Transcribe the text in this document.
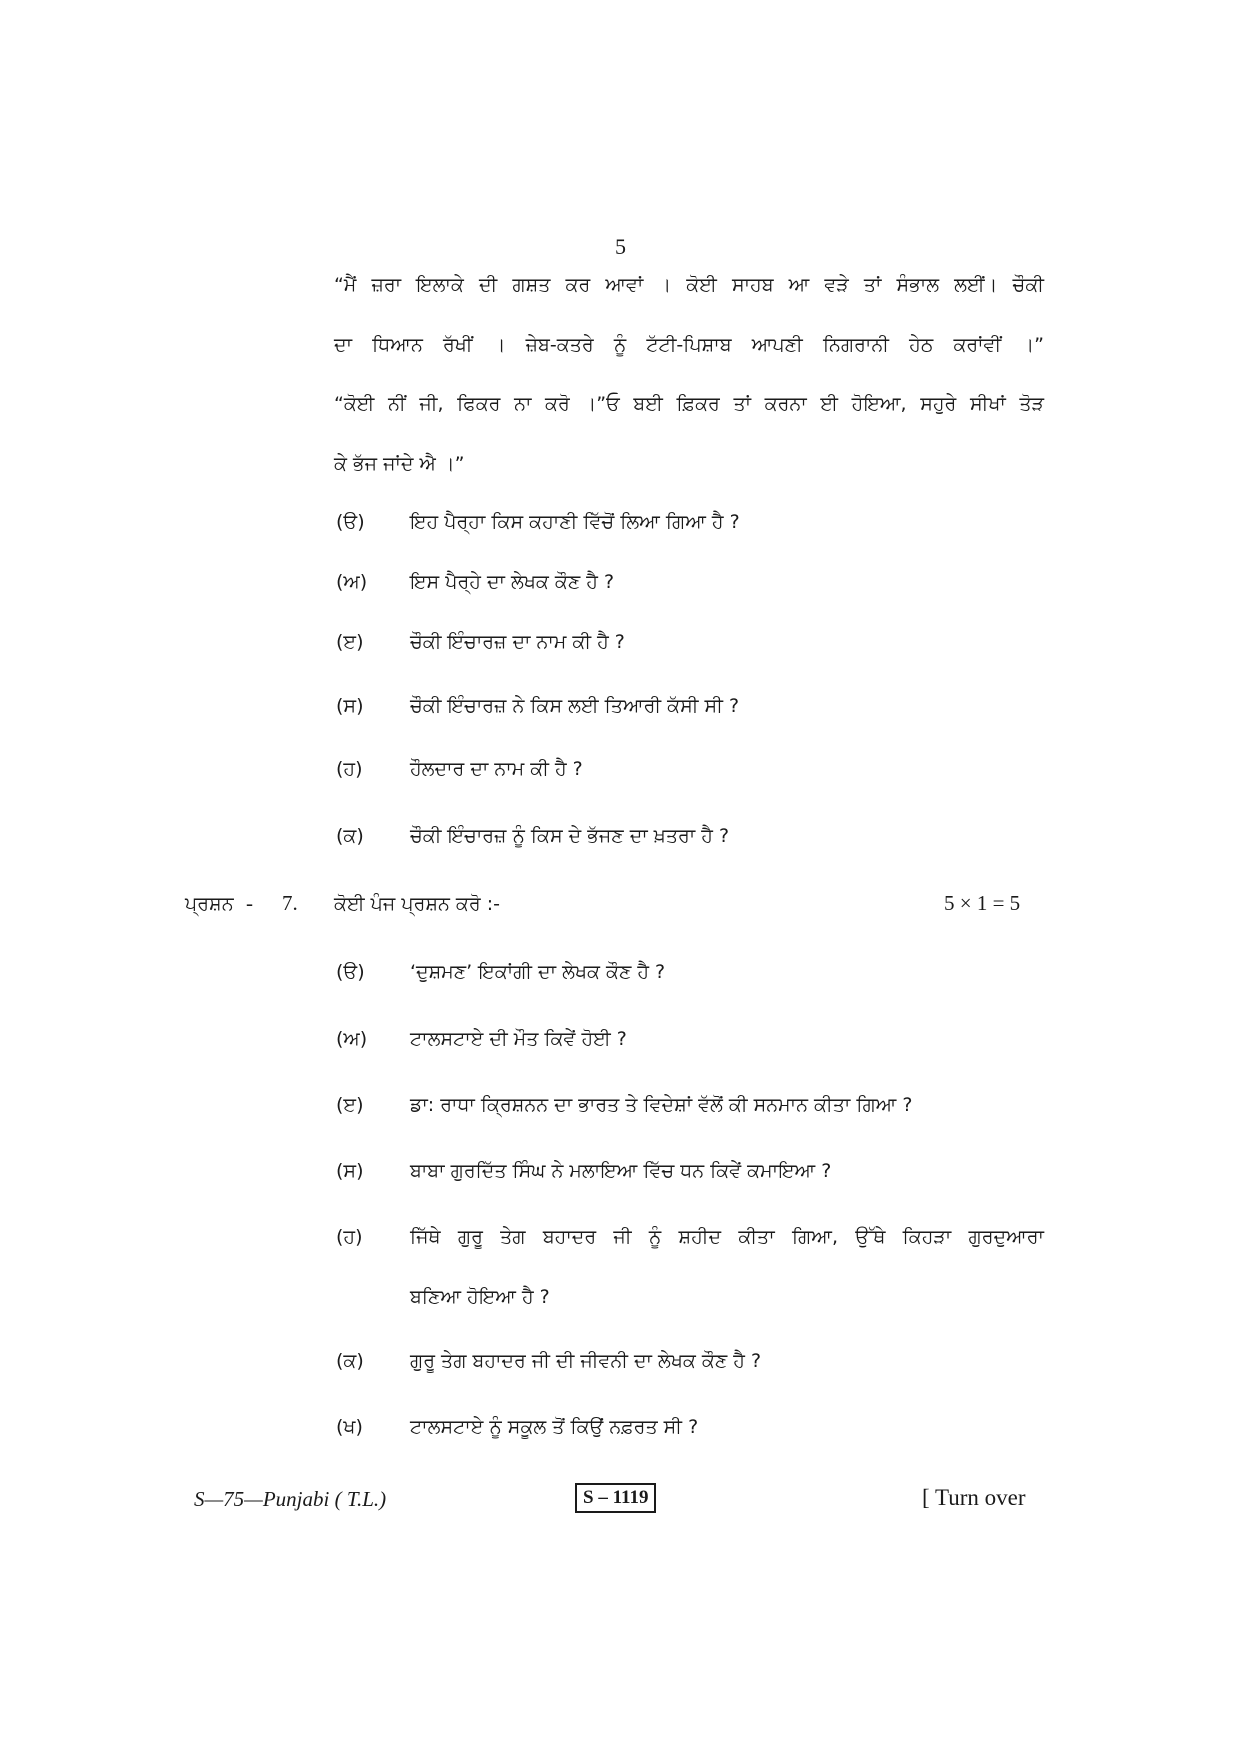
5
“ਮੈਂ ਜ਼ਰਾ ਇਲਾਕੇ ਦੀ ਗਸ਼ਤ ਕਰ ਆਵਾਂ । ਕੋਈ ਸਾਹਬ ਆ ਵੜੇ ਤਾਂ ਸੰਭਾਲ ਲਈਂ। ਚੌਕੀ
ਦਾ ਧਿਆਨ ਰੱਖੀਂ । ਜ਼ੇਬ-ਕਤਰੇ ਨੂੰ ਟੱਟੀ-ਪਿਸ਼ਾਬ ਆਪਣੀ ਨਿਗਰਾਨੀ ਹੇਠ ਕਰਾਂਵੀਂ ।”
“ਕੋਈ ਨੀਂ ਜੀ, ਫਿਕਰ ਨਾ ਕਰੋ ।”ਓ ਬਈ ਫ਼ਿਕਰ ਤਾਂ ਕਰਨਾ ਈ ਹੋਇਆ, ਸਹੁਰੇ ਸੀਖਾਂ ਤੋੜ
ਕੇ ਭੱਜ ਜਾਂਦੇ ਐ ।”
(ੳ) ਇਹ ਪੈਰ੍ਹਾ ਕਿਸ ਕਹਾਣੀ ਵਿੱਚੋਂ ਲਿਆ ਗਿਆ ਹੈ ?
(ਅ) ਇਸ ਪੈਰ੍ਹੇ ਦਾ ਲੇਖਕ ਕੌਣ ਹੈ ?
(ੲ) ਚੌਕੀ ਇੰਚਾਰਜ਼ ਦਾ ਨਾਮ ਕੀ ਹੈ ?
(ਸ) ਚੌਕੀ ਇੰਚਾਰਜ਼ ਨੇ ਕਿਸ ਲਈ ਤਿਆਰੀ ਕੱਸੀ ਸੀ ?
(ਹ)	ਹੌਲਦਾਰ ਦਾ ਨਾਮ ਕੀ ਹੈ ?
(ਕ) ਚੌਕੀ ਇੰਚਾਰਜ਼ ਨੂੰ ਕਿਸ ਦੇ ਭੱਜਣ ਦਾ ਖ਼ਤਰਾ ਹੈ ?
ਪ੍ਰਸ਼ਨ - 7. ਕੋਈ ਪੰਜ ਪ੍ਰਸ਼ਨ ਕਰੋ :-	5 × 1 = 5
(ੳ) ‘ਦੁਸ਼ਮਣ’ ਇਕਾਂਗੀ ਦਾ ਲੇਖਕ ਕੌਣ ਹੈ ?
(ਅ) ਟਾਲਸਟਾਏ ਦੀ ਮੌਤ ਕਿਵੇਂ ਹੋਈ ?
(ੲ) ਡਾ: ਰਾਧਾ ਕ੍ਰਿਸ਼ਨਨ ਦਾ ਭਾਰਤ ਤੇ ਵਿਦੇਸ਼ਾਂ ਵੱਲੋਂ ਕੀ ਸਨਮਾਨ ਕੀਤਾ ਗਿਆ ?
(ਸ) ਬਾਬਾ ਗੁਰਦਿੱਤ ਸਿੰਘ ਨੇ ਮਲਾਇਆ ਵਿੱਚ ਧਨ ਕਿਵੇਂ ਕਮਾਇਆ ?
(ਹ)	ਜਿੱਥੇ ਗੁਰੂ ਤੇਗ ਬਹਾਦਰ ਜੀ ਨੂੰ ਸ਼ਹੀਦ ਕੀਤਾ ਗਿਆ, ਉੱਥੇ ਕਿਹੜਾ ਗੁਰਦੁਆਰਾ
ਬਣਿਆ ਹੋਇਆ ਹੈ ?
(ਕ) ਗੁਰੂ ਤੇਗ ਬਹਾਦਰ ਜੀ ਦੀ ਜੀਵਨੀ ਦਾ ਲੇਖਕ ਕੌਣ ਹੈ ?
(ਖ) ਟਾਲਸਟਾਏ ਨੂੰ ਸਕੂਲ ਤੋਂ ਕਿਉਂ ਨਫ਼ਰਤ ਸੀ ?
S—75—Punjabi ( T.L.)	S – 1119	[ Turn over
